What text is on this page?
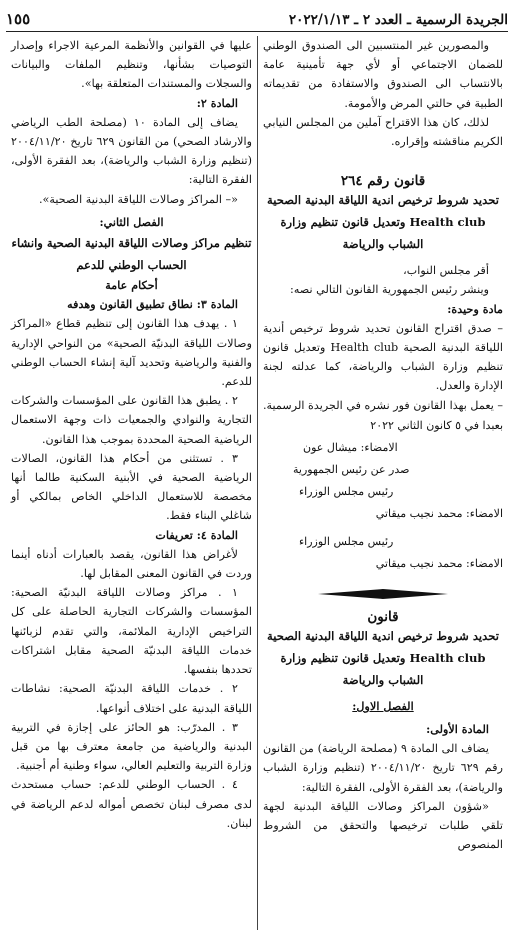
الجريدة الرسمية ـ العدد ٢ ـ ٢٠٢٢/١/١٣
١٥٥

والمصورين غير المنتسبين الى الصندوق الوطني للضمان الاجتماعي أو لأي جهة تأمينية عامة بالانتساب الى الصندوق والاستفادة من تقديماته الطبية في حالتي المرض والأمومة.

لذلك، كان هذا الاقتراح آملين من المجلس النيابي الكريم مناقشته وإقراره.

قانون رقم ٢٦٤

تحديد شروط ترخيص اندية اللياقة البدنية الصحية Health club وتعديل قانون تنظيم وزارة الشباب والرياضة

أقر مجلس النواب،

وينشر رئيس الجمهورية القانون التالي نصه:

مادة وحيدة:

– صدق اقتراح القانون تحديد شروط ترخيص أندية اللياقة البدنية الصحية Health club وتعديل قانون تنظيم وزارة الشباب والرياضة، كما عدلته لجنة الإدارة والعدل.

– يعمل بهذا القانون فور نشره في الجريدة الرسمية.

بعبدا في ٥ كانون الثاني ٢٠٢٢

الامضاء: ميشال عون

صدر عن رئيس الجمهورية

رئيس مجلس الوزراء

الامضاء: محمد نجيب ميقاتي

رئيس مجلس الوزراء

الامضاء: محمد نجيب ميقاتي

قانون

تحديد شروط ترخيص اندية اللياقة البدنية الصحية Health club وتعديل قانون تنظيم وزارة الشباب والرياضة

الفصل الاول:

المادة الأولى:

يضاف الى المادة ٩ (مصلحة الرياضة) من القانون رقم ٦٢٩ تاريخ ٢٠٠٤/١١/٢٠ (تنظيم وزارة الشباب والرياضة)، بعد الفقرة الأولى، الفقرة التالية:

«شؤون المراكز وصالات اللياقة البدنية لجهة تلقي طلبات ترخيصها والتحقق من الشروط المنصوص

عليها في القوانين والأنظمة المرعية الاجراء وإصدار التوصيات بشأنها، وتنظيم الملفات والبيانات والسجلات والمستندات المتعلقة بها».

المادة ٢:

يضاف إلى المادة ١٠ (مصلحة الطب الرياضي والارشاد الصحي) من القانون ٦٢٩ تاريخ ٢٠٠٤/١١/٢٠ (تنظيم وزارة الشباب والرياضة)، بعد الفقرة الأولى، الفقرة التالية:

«– المراكز وصالات اللياقة البدنية الصحية».

الفصل الثاني:

تنظيم مراكز وصالات اللياقة البدنية الصحية وانشاء الحساب الوطني للدعم

أحكام عامة

المادة ٣: نطاق تطبيق القانون وهدفه

١ . يهدف هذا القانون إلى تنظيم قطاع «المراكز وصالات اللياقة البدنيّة الصحية» من النواحي الإدارية والفنية والرياضية وتحديد آلية إنشاء الحساب الوطني للدعم.

٢ . يطبق هذا القانون على المؤسسات والشركات التجارية والنوادي والجمعيات ذات وجهة الاستعمال الرياضية الصحية المحددة بموجب هذا القانون.

٣ . تستثنى من أحكام هذا القانون، الصالات الرياضية الصحية في الأبنية السكنية طالما أنها مخصصة للاستعمال الداخلي الخاص بمالكي أو شاغلي البناء فقط.

المادة ٤: تعريفات

لأغراض هذا القانون، يقصد بالعبارات أدناه أينما وردت في القانون المعنى المقابل لها.

١ . مراكز وصالات اللياقة البدنيّة الصحية: المؤسسات والشركات التجارية الحاصلة على كل التراخيص الإدارية الملائمة، والتي تقدم لزبائنها خدمات اللياقة البدنيّة الصحية مقابل اشتراكات تحددها بنفسها.

٢ . خدمات اللياقة البدنيّة الصحية: نشاطات اللياقة البدنية على اختلاف أنواعها.

٣ . المدرّب: هو الحائز على إجازة في التربية البدنية والرياضية من جامعة معترف بها من قبل وزارة التربية والتعليم العالي، سواء وطنية أم أجنبية.

٤ . الحساب الوطني للدعم: حساب مستحدث لدى مصرف لبنان تخصص أمواله لدعم الرياضة في لبنان.
